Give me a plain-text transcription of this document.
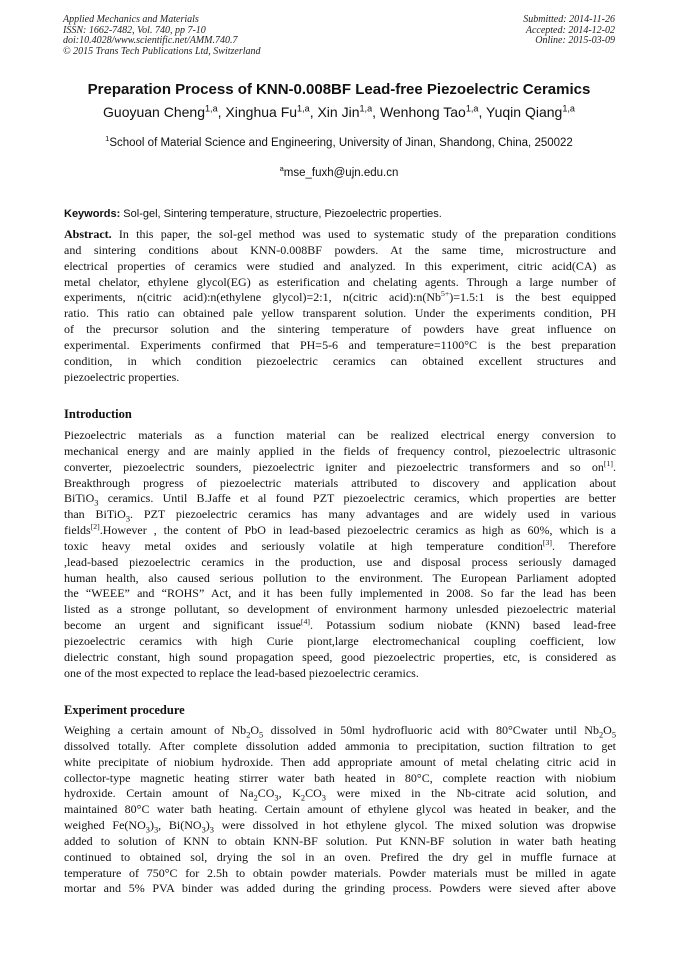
Applied Mechanics and Materials
ISSN: 1662-7482, Vol. 740, pp 7-10
doi:10.4028/www.scientific.net/AMM.740.7
© 2015 Trans Tech Publications Ltd, Switzerland
Submitted: 2014-11-26
Accepted: 2014-12-02
Online: 2015-03-09
Preparation Process of KNN-0.008BF Lead-free Piezoelectric Ceramics
Guoyuan Cheng$^{1,a}$, Xinghua Fu$^{1,a}$, Xin Jin$^{1,a}$, Wenhong Tao$^{1,a}$, Yuqin Qiang$^{1,a}$
$^1$School of Material Science and Engineering, University of Jinan, Shandong, China, 250022
$^a$mse_fuxh@ujn.edu.cn
Keywords: Sol-gel, Sintering temperature, structure, Piezoelectric properties.
Abstract. In this paper, the sol-gel method was used to systematic study of the preparation conditions
and sintering conditions about KNN-0.008BF powders. At the same time, microstructure and
electrical properties of ceramics were studied and analyzed. In this experiment, citric acid(CA) as
metal chelator, ethylene glycol(EG) as esterification and chelating agents. Through a large number of
experiments, n(citric acid):n(ethylene glycol)=2:1, n(citric $acid):n(Nb^{5+})=1.5:1$ is the best equipped
ratio. This ratio can obtained pale yellow transparent solution. Under the experiments condition, PH
of the precursor solution and the sintering temperature of powders have great influence on
experimental. Experiments confirmed that PH=5-6 and temperature=1100°C is the best preparation
condition, in which condition piezoelectric ceramics can obtained excellent structures and
piezoelectric properties.
Introduction
Piezoelectric materials as a function material can be realized electrical energy conversion to
mechanical energy and are mainly applied in the fields of frequency control, piezoelectric ultrasonic
converter, piezoelectric sounders, piezoelectric igniter and piezoelectric transformers and so on[1].
Breakthrough progress of piezoelectric materials attributed to discovery and application about
BiTiO$_3$ ceramics. Until B.Jaffe et al found PZT piezoelectric ceramics, which properties are better
than BiTiO$_3$. PZT piezoelectric ceramics has many advantages and are widely used in various
fields[2].However , the content of PbO in lead-based piezoelectric ceramics as high as 60%, which is a
toxic heavy metal oxides and seriously volatile at high temperature condition[3]. Therefore
,lead-based piezoelectric ceramics in the production, use and disposal process seriously damaged
human health, also caused serious pollution to the environment. The European Parliament adopted
the “WEEE” and “ROHS” Act, and it has been fully implemented in 2008. So far the lead has been
listed as a stronge pollutant, so development of environment harmony unlesded piezoelectric material
become an urgent and significant issue[4]. Potassium sodium niobate (KNN) based lead-free
piezoelectric ceramics with high Curie piont,large electromechanical coupling coefficient, low
dielectric constant, high sound propagation speed, good piezoelectric properties, etc, is considered as
one of the most expected to replace the lead-based piezoelectric ceramics.
Experiment procedure
Weighing a certain amount of $Nb_2O_5$ dissolved in 50ml hydrofluoric acid with 80°Cwater until $Nb_2O_5$
dissolved totally. After complete dissolution added ammonia to precipitation, suction filtration to get
white precipitate of niobium hydroxide. Then add appropriate amount of metal chelating citric acid in
collector-type magnetic heating stirrer water bath heated in 80°C, complete reaction with niobium
hydroxide. Certain amount of $Na_2CO_3$, $K_2CO_3$ were mixed in the Nb-citrate acid solution, and
maintained 80°C water bath heating. Certain amount of ethylene glycol was heated in beaker, and the
weighed $Fe(NO_3)_3$, $Bi(NO_3)_3$ were dissolved in hot ethylene glycol. The mixed solution was dropwise
added to solution of KNN to obtain KNN-BF solution. Put KNN-BF solution in water bath heating
continued to obtained sol, drying the sol in an oven. Prefired the dry gel in muffle furnace at
temperature of 750°C for 2.5h to obtain powder materials. Powder materials must be milled in agate
mortar and 5% PVA binder was added during the grinding process. Powders were sieved after above
